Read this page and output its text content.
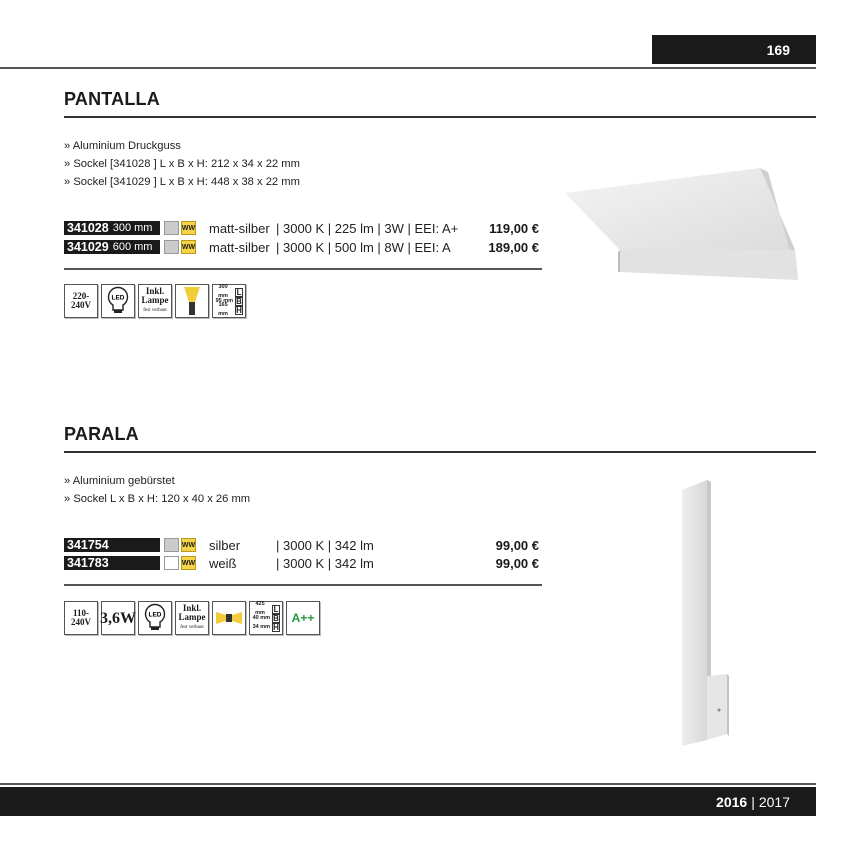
169
PANTALLA
» Aluminium Druckguss
» Sockel [341028 ] L x B x H: 212 x 34 x 22 mm
» Sockel [341029 ] L x B x H: 448 x 38 x 22 mm
341028 300 mm	WW matt-silber | 3000 K | 225 lm | 3W | EEI: A+ 119,00 €
341029 600 mm	WW matt-silber | 3000 K | 500 lm | 8W | EEI: A	189,00 €
220-
240V
LED
Inkl.
Lampe
fest verbaut
300 mm	L
95 mm B
165 mm	H
PARALA
» Aluminium gebürstet
» Sockel L x B x H: 120 x 40 x 26 mm
341754	WW silber	| 3000 K | 342 lm	99,00 €
341783	WW weiß	| 3000 K | 342 lm	99,00 €
110-
240V 3,6W LED
Inkl.
Lampe
fest verbaut
425 mm	L
40 mm B
34 mm H
A++
2016 | 2017
